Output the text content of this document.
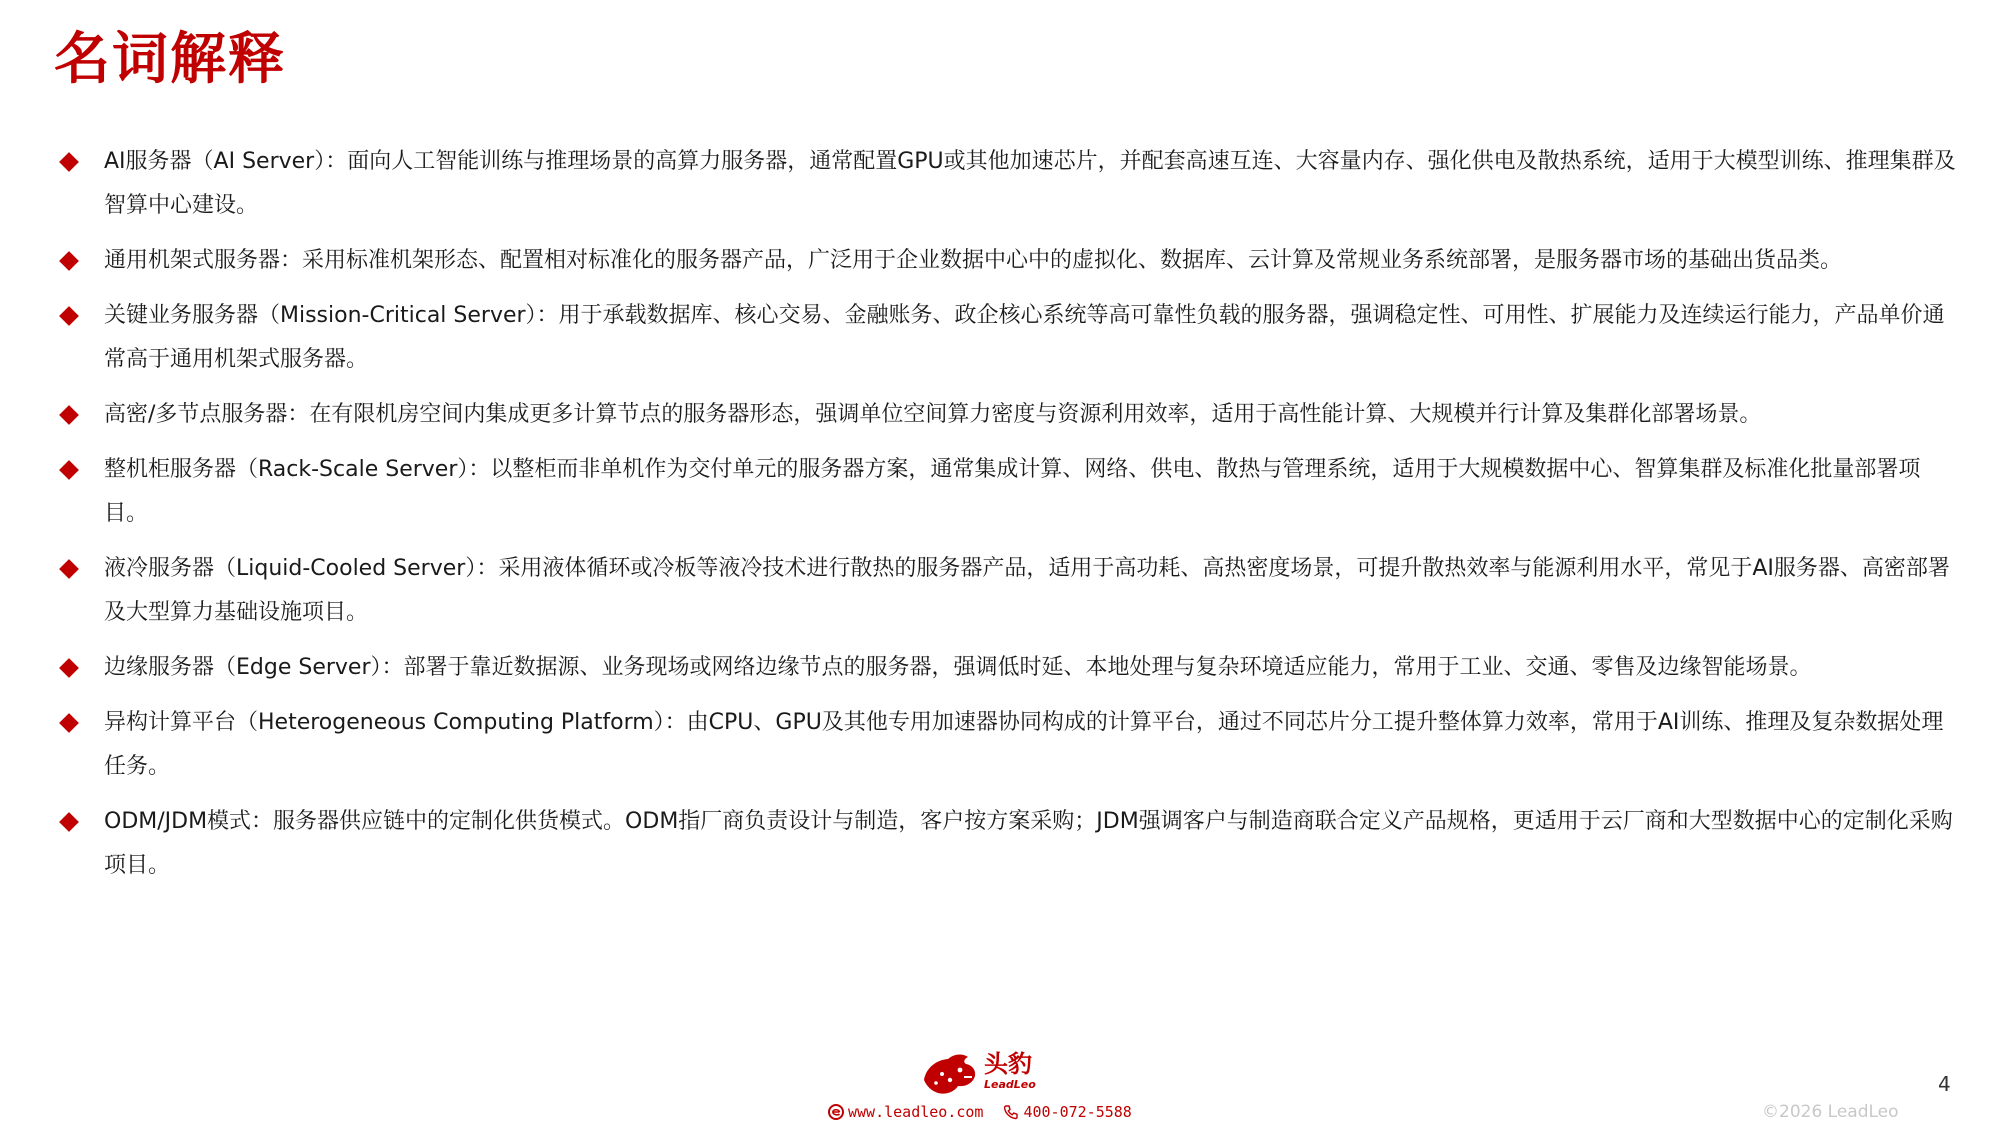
名词解释
AI服务器（AI Server）：面向人工智能训练与推理场景的高算力服务器，通常配置GPU或其他加速芯片，并配套高速互连、大容量内存、强化供电及散热系统，适用于大模型训练、推理集群及智算中心建设。
通用机架式服务器：采用标准机架形态、配置相对标准化的服务器产品，广泛用于企业数据中心中的虚拟化、数据库、云计算及常规业务系统部署，是服务器市场的基础出货品类。
关键业务服务器（Mission-Critical Server）：用于承载数据库、核心交易、金融账务、政企核心系统等高可靠性负载的服务器，强调稳定性、可用性、扩展能力及连续运行能力，产品单价通常高于通用机架式服务器。
高密/多节点服务器：在有限机房空间内集成更多计算节点的服务器形态，强调单位空间算力密度与资源利用效率，适用于高性能计算、大规模并行计算及集群化部署场景。
整机柜服务器（Rack-Scale Server）：以整柜而非单机作为交付单元的服务器方案，通常集成计算、网络、供电、散热与管理系统，适用于大规模数据中心、智算集群及标准化批量部署项目。
液冷服务器（Liquid-Cooled Server）：采用液体循环或冷板等液冷技术进行散热的服务器产品，适用于高功耗、高热密度场景，可提升散热效率与能源利用水平，常见于AI服务器、高密部署及大型算力基础设施项目。
边缘服务器（Edge Server）：部署于靠近数据源、业务现场或网络边缘节点的服务器，强调低时延、本地处理与复杂环境适应能力，常用于工业、交通、零售及边缘智能场景。
异构计算平台（Heterogeneous Computing Platform）：由CPU、GPU及其他专用加速器协同构成的计算平台，通过不同芯片分工提升整体算力效率，常用于AI训练、推理及复杂数据处理任务。
ODM/JDM模式：服务器供应链中的定制化供货模式。ODM指厂商负责设计与制造，客户按方案采购；JDM强调客户与制造商联合定义产品规格，更适用于云厂商和大型数据中心的定制化采购项目。
头豹
LeadLeo
www.leadleo.com	400-072-5588
4
©2026 LeadLeo
